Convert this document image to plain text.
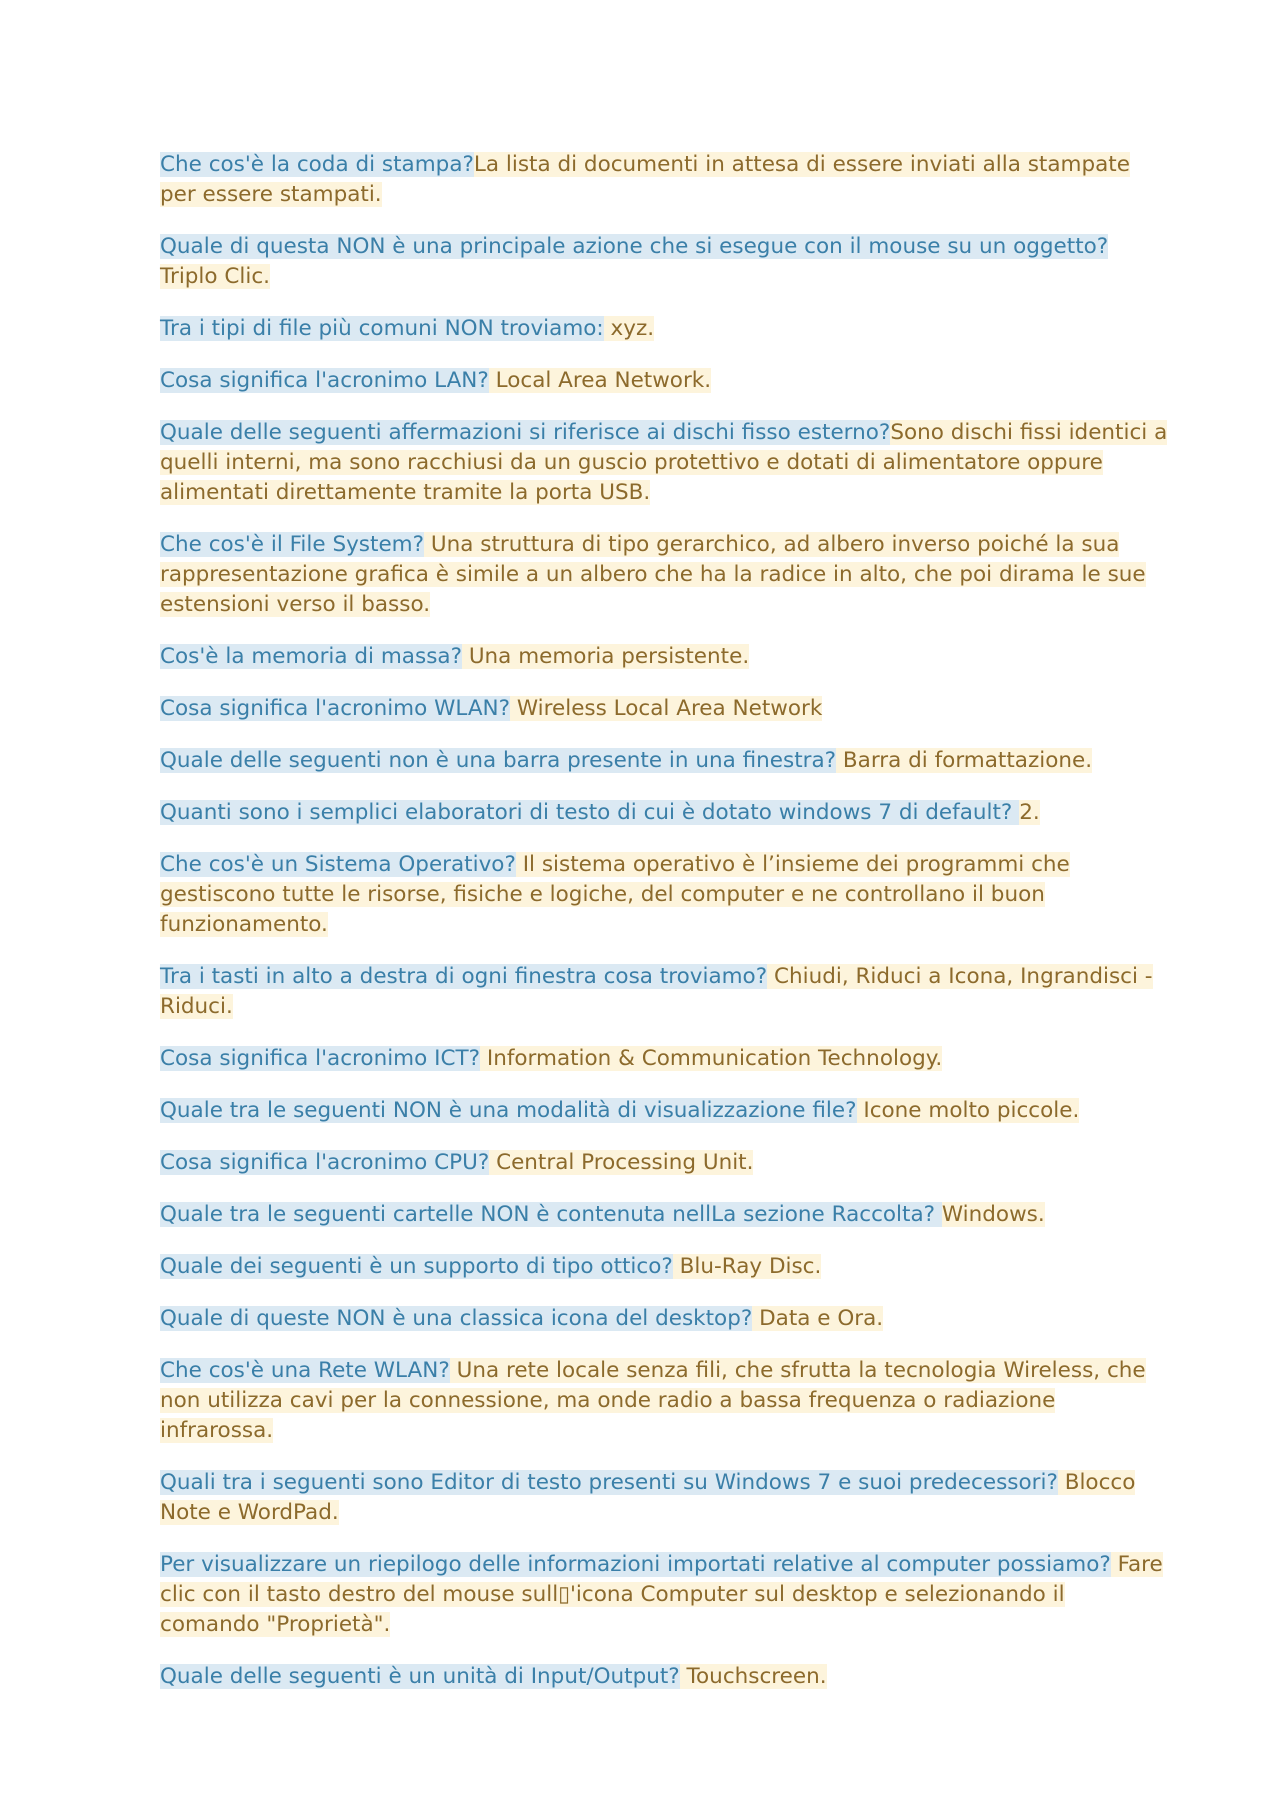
Che cos'è la coda di stampa?La lista di documenti in attesa di essere inviati alla stampate per essere stampati.

Quale di questa NON è una principale azione che si esegue con il mouse su un oggetto? Triplo Clic.

Tra i tipi di file più comuni NON troviamo: xyz.

Cosa significa l'acronimo LAN? Local Area Network.

Quale delle seguenti affermazioni si riferisce ai dischi fisso esterno?Sono dischi fissi identici a quelli interni, ma sono racchiusi da un guscio protettivo e dotati di alimentatore oppure alimentati direttamente tramite la porta USB.

Che cos'è il File System? Una struttura di tipo gerarchico, ad albero inverso poiché la sua rappresentazione grafica è simile a un albero che ha la radice in alto, che poi dirama le sue estensioni verso il basso.

Cos'è la memoria di massa? Una memoria persistente.

Cosa significa l'acronimo WLAN? Wireless Local Area Network

Quale delle seguenti non è una barra presente in una finestra? Barra di formattazione.

Quanti sono i semplici elaboratori di testo di cui è dotato windows 7 di default? 2.

Che cos'è un Sistema Operativo? Il sistema operativo è l’insieme dei programmi che gestiscono tutte le risorse, fisiche e logiche, del computer e ne controllano il buon funzionamento.

Tra i tasti in alto a destra di ogni finestra cosa troviamo? Chiudi, Riduci a Icona, Ingrandisci - Riduci.

Cosa significa l'acronimo ICT? Information & Communication Technology.

Quale tra le seguenti NON è una modalità di visualizzazione file? Icone molto piccole.

Cosa significa l'acronimo CPU? Central Processing Unit.

Quale tra le seguenti cartelle NON è contenuta nellLa sezione Raccolta? Windows.

Quale dei seguenti è un supporto di tipo ottico? Blu-Ray Disc.

Quale di queste NON è una classica icona del desktop? Data e Ora.

Che cos'è una Rete WLAN? Una rete locale senza fili, che sfrutta la tecnologia Wireless, che non utilizza cavi per la connessione, ma onde radio a bassa frequenza o radiazione infrarossa.

Quali tra i seguenti sono Editor di testo presenti su Windows 7 e suoi predecessori? Blocco Note e WordPad.

Per visualizzare un riepilogo delle informazioni importati relative al computer possiamo? Fare clic con il tasto destro del mouse sull▯'icona Computer sul desktop e selezionando il comando "Proprietà".

Quale delle seguenti è un unità di Input/Output? Touchscreen.
